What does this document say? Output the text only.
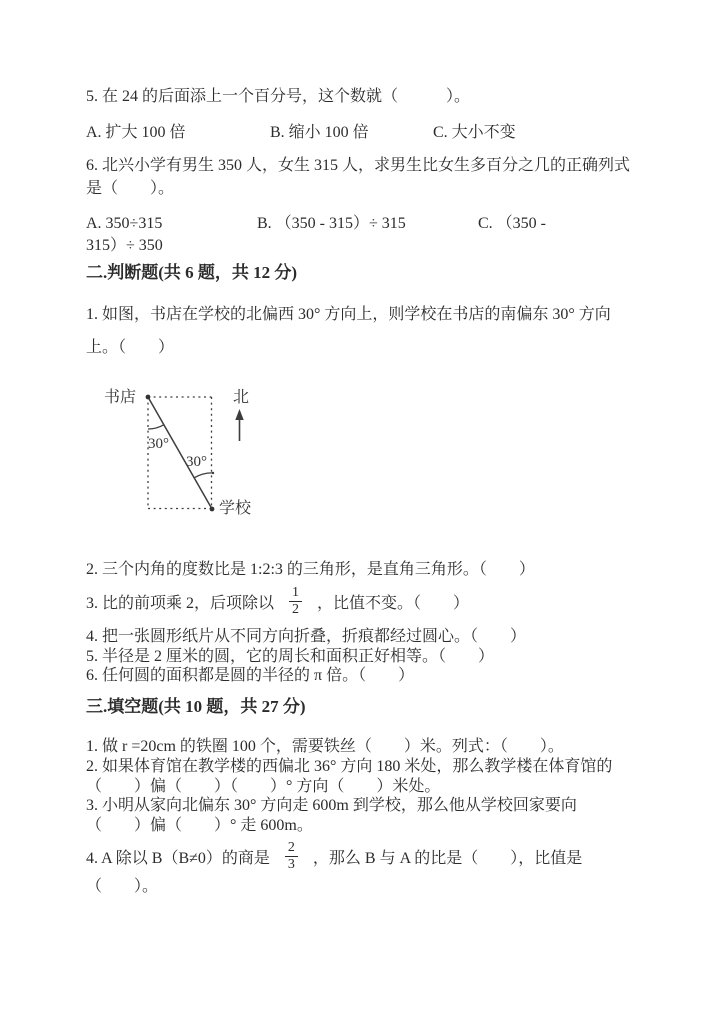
5. 在 24 的后面添上一个百分号，这个数就（　　　）。
A. 扩大 100 倍	B. 缩小 100 倍	C. 大小不变
6. 北兴小学有男生 350 人，女生 315 人，求男生比女生多百分之几的正确列式
是（　　）。
A. 350÷315	B. （350 - 315）÷ 315	C. （350 -
315）÷ 350
二.判断题(共 6 题，共 12 分)
1. 如图，书店在学校的北偏西 30° 方向上，则学校在书店的南偏东 30° 方向
上。（　　）
书店	北
30°
30°
学校
2. 三个内角的度数比是 1:2:3 的三角形，是直角三角形。（　　）
3. 比的前项乘 2，后项除以 $\frac{1}{2}$ ，比值不变。（　　）
4. 把一张圆形纸片从不同方向折叠，折痕都经过圆心。（　　）
5. 半径是 2 厘米的圆，它的周长和面积正好相等。（　　）
6. 任何圆的面积都是圆的半径的 π 倍。（　　）
三.填空题(共 10 题，共 27 分)
1. 做 r =20cm 的铁圈 100 个，需要铁丝（　　）米。列式：（　　）。
2. 如果体育馆在教学楼的西偏北 36° 方向 180 米处，那么教学楼在体育馆的
（　　）偏（　　）（　　）° 方向（　　）米处。
3. 小明从家向北偏东 30° 方向走 600m 到学校，那么他从学校回家要向
（　　）偏（　　）° 走 600m。
4. A 除以 B（B≠0）的商是 $\frac{2}{3}$ ，那么 B 与 A 的比是（　　），比值是
（　　）。
